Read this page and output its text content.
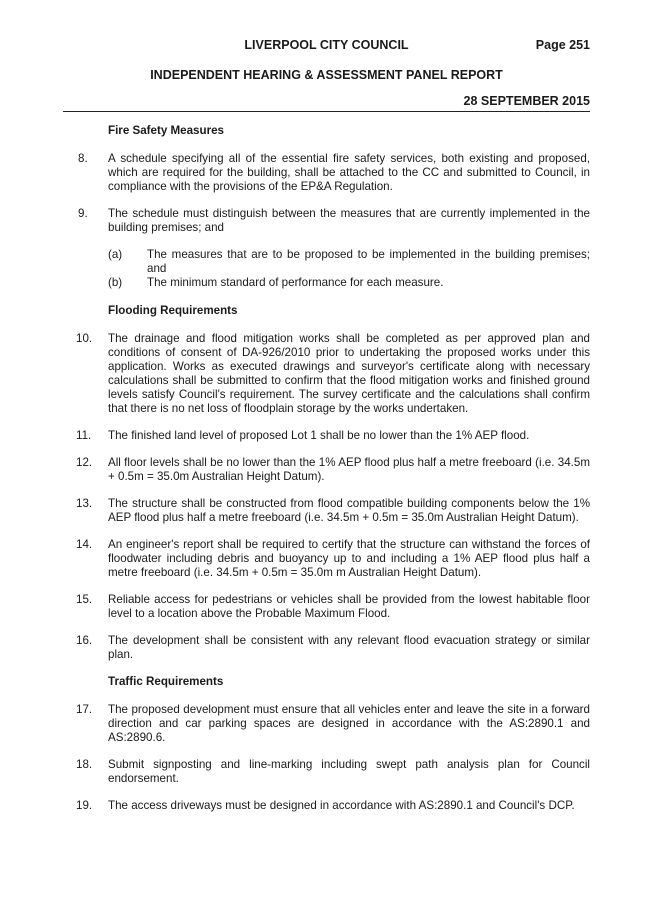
LIVERPOOL CITY COUNCIL	Page 251
INDEPENDENT HEARING & ASSESSMENT PANEL REPORT
28 SEPTEMBER 2015
Fire Safety Measures
8. A schedule specifying all of the essential fire safety services, both existing and proposed, which are required for the building, shall be attached to the CC and submitted to Council, in compliance with the provisions of the EP&A Regulation.
9. The schedule must distinguish between the measures that are currently implemented in the building premises; and
(a) The measures that are to be proposed to be implemented in the building premises; and
(b) The minimum standard of performance for each measure.
Flooding Requirements
10. The drainage and flood mitigation works shall be completed as per approved plan and conditions of consent of DA-926/2010 prior to undertaking the proposed works under this application. Works as executed drawings and surveyor's certificate along with necessary calculations shall be submitted to confirm that the flood mitigation works and finished ground levels satisfy Council's requirement. The survey certificate and the calculations shall confirm that there is no net loss of floodplain storage by the works undertaken.
11. The finished land level of proposed Lot 1 shall be no lower than the 1% AEP flood.
12. All floor levels shall be no lower than the 1% AEP flood plus half a metre freeboard (i.e. 34.5m + 0.5m = 35.0m Australian Height Datum).
13. The structure shall be constructed from flood compatible building components below the 1% AEP flood plus half a metre freeboard (i.e. 34.5m + 0.5m = 35.0m Australian Height Datum).
14. An engineer's report shall be required to certify that the structure can withstand the forces of floodwater including debris and buoyancy up to and including a 1% AEP flood plus half a metre freeboard (i.e. 34.5m + 0.5m = 35.0m m Australian Height Datum).
15. Reliable access for pedestrians or vehicles shall be provided from the lowest habitable floor level to a location above the Probable Maximum Flood.
16. The development shall be consistent with any relevant flood evacuation strategy or similar plan.
Traffic Requirements
17. The proposed development must ensure that all vehicles enter and leave the site in a forward direction and car parking spaces are designed in accordance with the AS:2890.1 and AS:2890.6.
18. Submit signposting and line-marking including swept path analysis plan for Council endorsement.
19. The access driveways must be designed in accordance with AS:2890.1 and Council's DCP.
